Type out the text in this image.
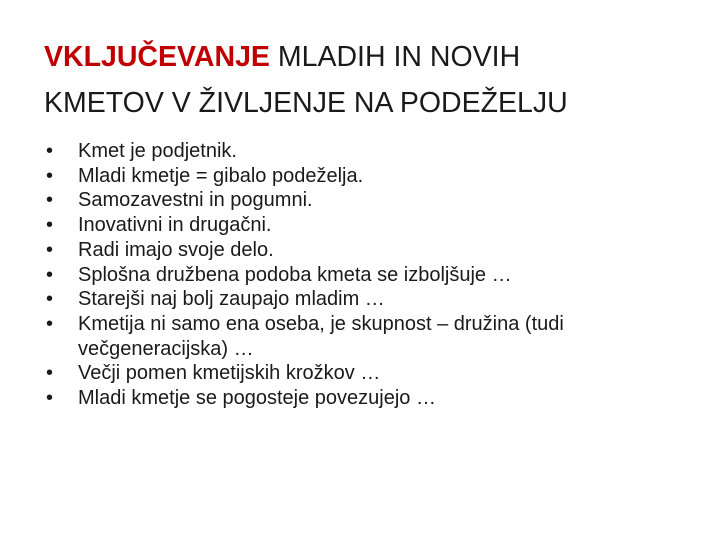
VKLJUČEVANJE MLADIH IN NOVIH
KMETOV V ŽIVLJENJE NA PODEŽELJU
• Kmet je podjetnik.
• Mladi kmetje = gibalo podeželja.
• Samozavestni in pogumni.
• Inovativni in drugačni.
• Radi imajo svoje delo.
• Splošna družbena podoba kmeta se izboljšuje …
• Starejši naj bolj zaupajo mladim …
• Kmetija ni samo ena oseba, je skupnost – družina (tudi večgeneracijska) …
• Večji pomen kmetijskih krožkov …
• Mladi kmetje se pogosteje povezujejo …
